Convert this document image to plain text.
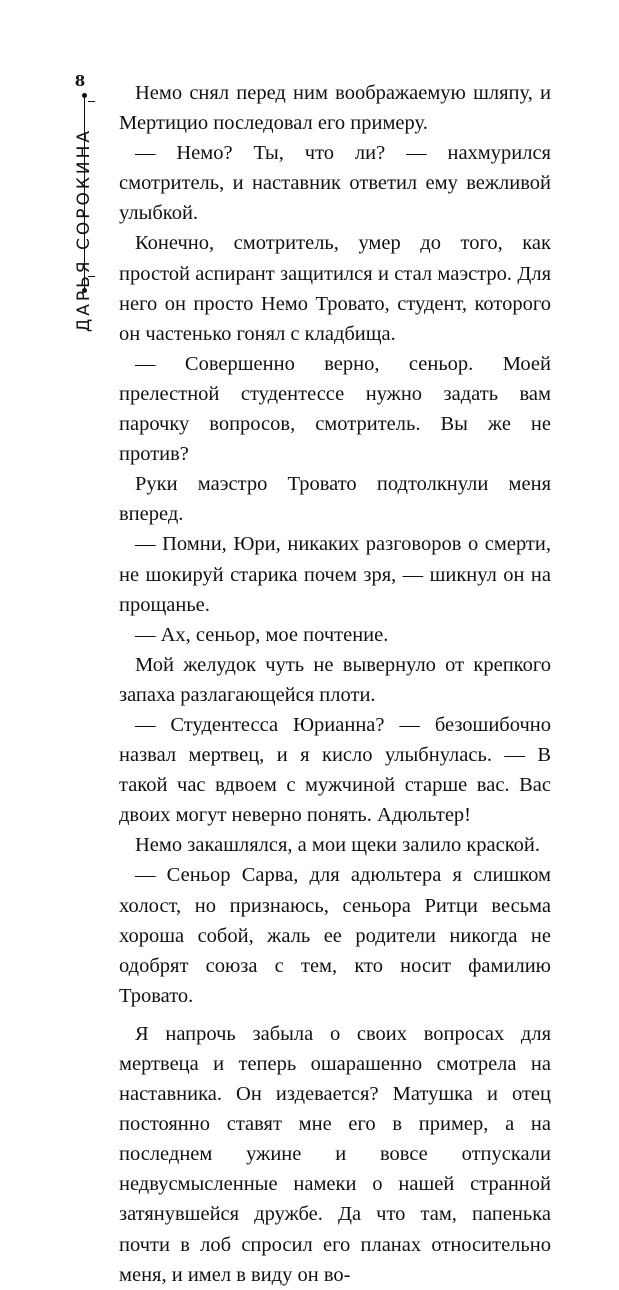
8
ДАРЬЯ СОРОКИНА

Немо снял перед ним воображаемую шляпу, и Мертицио последовал его примеру.

— Немо? Ты, что ли? — нахмурился смотритель, и наставник ответил ему вежливой улыбкой.

Конечно, смотритель, умер до того, как простой аспирант защитился и стал маэстро. Для него он просто Немо Тровато, студент, которого он частенько гонял с кладбища.

— Совершенно верно, сеньор. Моей прелестной студентессе нужно задать вам парочку вопросов, смотритель. Вы же не против?

Руки маэстро Тровато подтолкнули меня вперед.

— Помни, Юри, никаких разговоров о смерти, не шокируй старика почем зря, — шикнул он на прощанье.

— Ах, сеньор, мое почтение.

Мой желудок чуть не вывернуло от крепкого запаха разлагающейся плоти.

— Студентесса Юрианна? — безошибочно назвал мертвец, и я кисло улыбнулась. — В такой час вдвоем с мужчиной старше вас. Вас двоих могут неверно понять. Адюльтер!

Немо закашлялся, а мои щеки залило краской.

— Сеньор Сарва, для адюльтера я слишком холост, но признаюсь, сеньора Ритци весьма хороша собой, жаль ее родители никогда не одобрят союза с тем, кто носит фамилию Тровато.

Я напрочь забыла о своих вопросах для мертвеца и теперь ошарашенно смотрела на наставника. Он издевается? Матушка и отец постоянно ставят мне его в пример, а на последнем ужине и вовсе отпускали недвусмысленные намеки о нашей странной затянувшейся дружбе. Да что там, папенька почти в лоб спросил его планах относительно меня, и имел в виду он во-
